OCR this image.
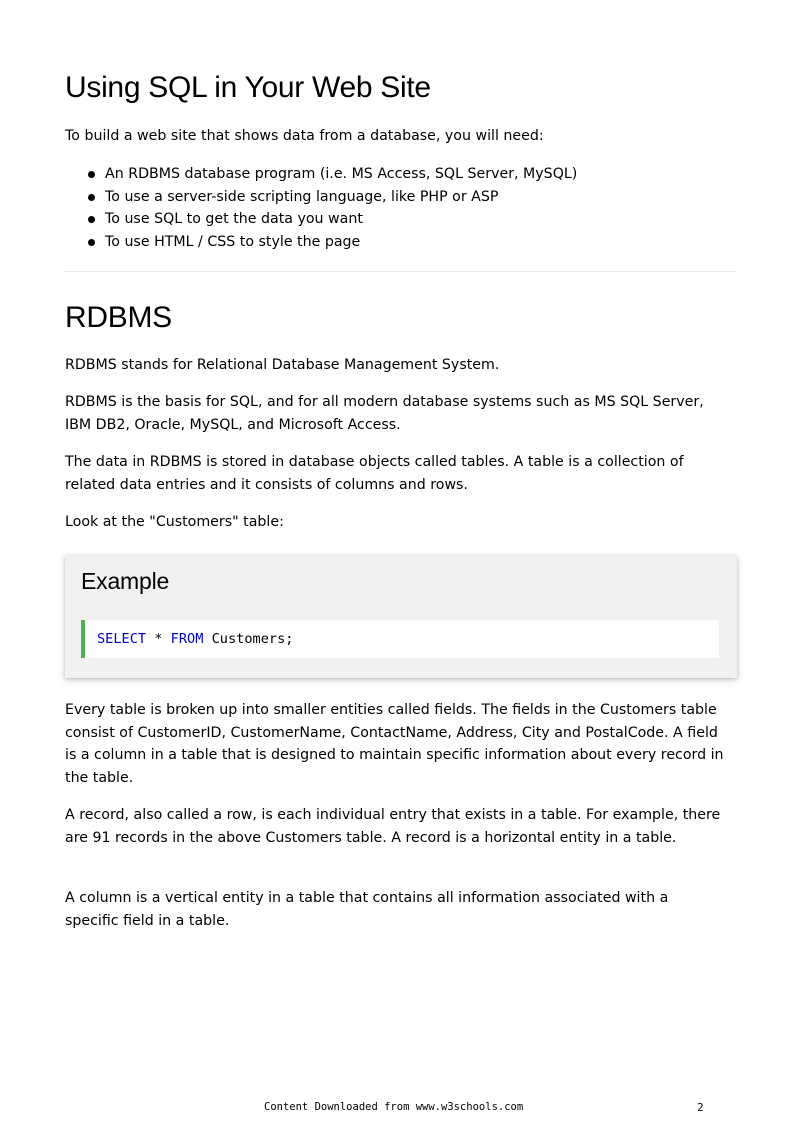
Using SQL in Your Web Site

To build a web site that shows data from a database, you will need:

An RDBMS database program (i.e. MS Access, SQL Server, MySQL)
To use a server-side scripting language, like PHP or ASP
To use SQL to get the data you want
To use HTML / CSS to style the page
RDBMS

RDBMS stands for Relational Database Management System.

RDBMS is the basis for SQL, and for all modern database systems such as MS SQL Server, IBM DB2, Oracle, MySQL, and Microsoft Access.

The data in RDBMS is stored in database objects called tables. A table is a collection of related data entries and it consists of columns and rows.

Look at the "Customers" table:

Example
SELECT * FROM Customers;

Every table is broken up into smaller entities called fields. The fields in the Customers table consist of CustomerID, CustomerName, ContactName, Address, City and PostalCode. A field is a column in a table that is designed to maintain specific information about every record in the table.

A record, also called a row, is each individual entry that exists in a table. For example, there are 91 records in the above Customers table. A record is a horizontal entity in a table.

A column is a vertical entity in a table that contains all information associated with a specific field in a table.

Content Downloaded from www.w3schools.com	2
